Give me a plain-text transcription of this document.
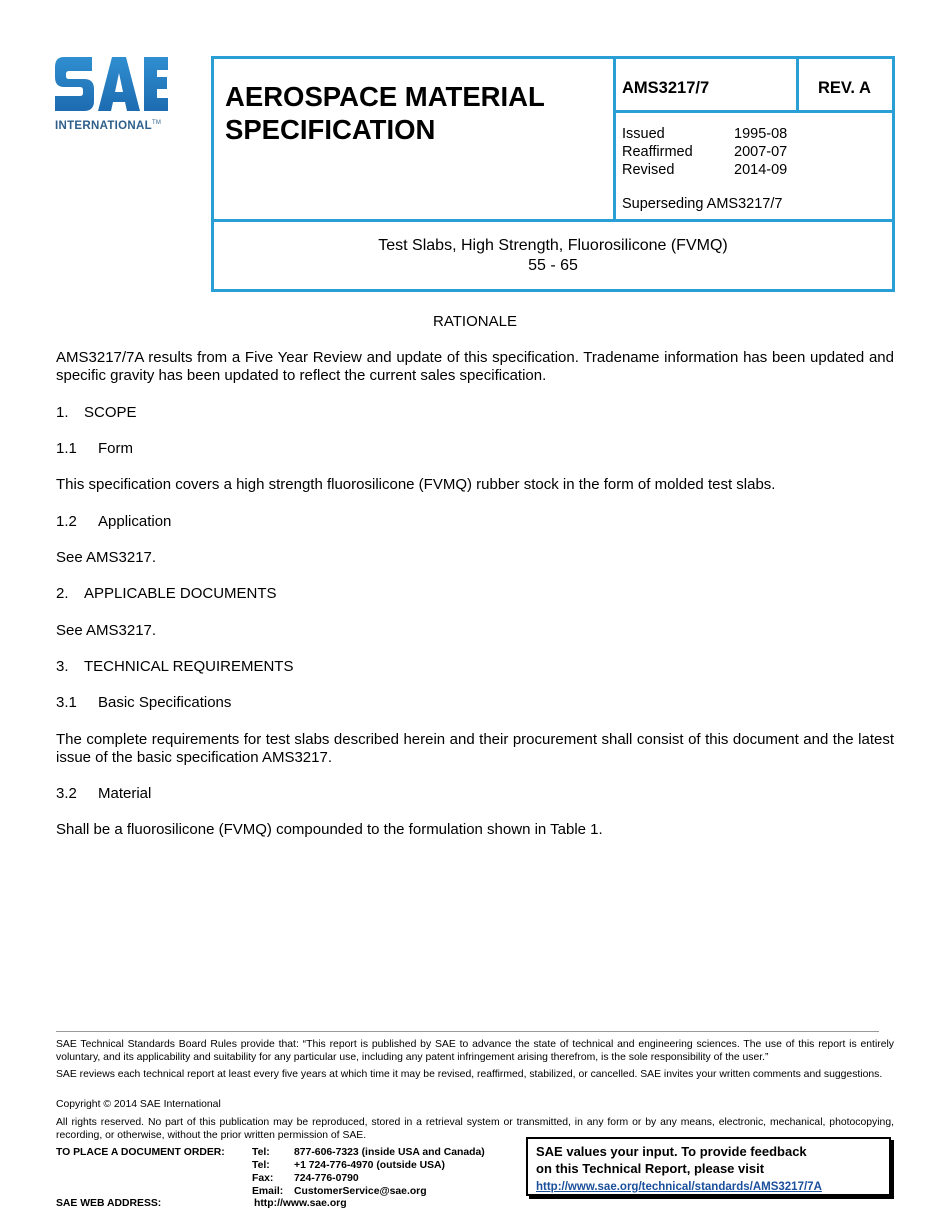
INTERNATIONAL™
AEROSPACE MATERIAL
SPECIFICATION
AMS3217/7	REV. A
Issued	1995-08
Reaffirmed	2007-07
Revised	2014-09
Superseding AMS3217/7
Test Slabs, High Strength, Fluorosilicone (FVMQ)
55 - 65
RATIONALE
AMS3217/7A results from a Five Year Review and update of this specification. Tradename information has been updated and specific gravity has been updated to reflect the current sales specification.
1. SCOPE
1.1 Form
This specification covers a high strength fluorosilicone (FVMQ) rubber stock in the form of molded test slabs.
1.2 Application
See AMS3217.
2. APPLICABLE DOCUMENTS
See AMS3217.
3. TECHNICAL REQUIREMENTS
3.1 Basic Specifications
The complete requirements for test slabs described herein and their procurement shall consist of this document and the latest issue of the basic specification AMS3217.
3.2 Material
Shall be a fluorosilicone (FVMQ) compounded to the formulation shown in Table 1.
SAE Technical Standards Board Rules provide that: “This report is published by SAE to advance the state of technical and engineering sciences. The use of this report is entirely voluntary, and its applicability and suitability for any particular use, including any patent infringement arising therefrom, is the sole responsibility of the user.”
SAE reviews each technical report at least every five years at which time it may be revised, reaffirmed, stabilized, or cancelled. SAE invites your written comments and suggestions.
Copyright © 2014 SAE International
All rights reserved. No part of this publication may be reproduced, stored in a retrieval system or transmitted, in any form or by any means, electronic, mechanical, photocopying, recording, or otherwise, without the prior written permission of SAE.
TO PLACE A DOCUMENT ORDER:	Tel: 877-606-7323 (inside USA and Canada)
Tel: +1 724-776-4970 (outside USA)
Fax: 724-776-0790
Email: CustomerService@sae.org
SAE WEB ADDRESS:	http://www.sae.org
SAE values your input. To provide feedback
on this Technical Report, please visit
http://www.sae.org/technical/standards/AMS3217/7A
